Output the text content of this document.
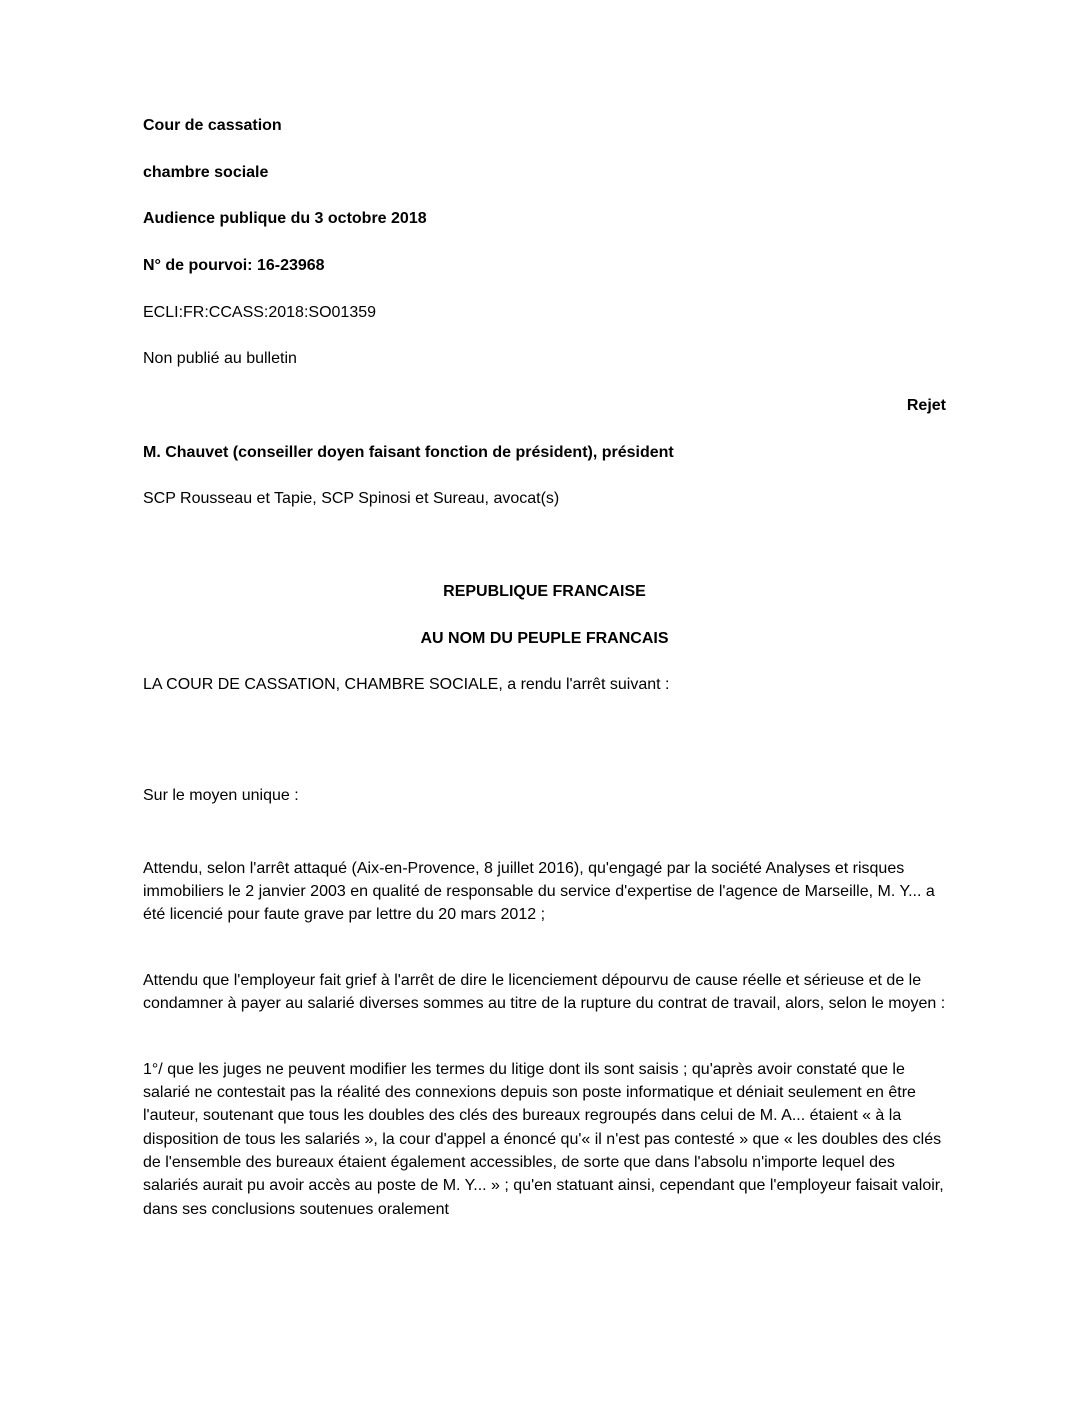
Cour de cassation

chambre sociale

Audience publique du 3 octobre 2018

N° de pourvoi: 16-23968

ECLI:FR:CCASS:2018:SO01359

Non publié au bulletin

Rejet

M. Chauvet (conseiller doyen faisant fonction de président), président

SCP Rousseau et Tapie, SCP Spinosi et Sureau, avocat(s)

REPUBLIQUE FRANCAISE

AU NOM DU PEUPLE FRANCAIS

LA COUR DE CASSATION, CHAMBRE SOCIALE, a rendu l'arrêt suivant :

Sur le moyen unique :

Attendu, selon l'arrêt attaqué (Aix-en-Provence, 8 juillet 2016), qu'engagé par la société Analyses et risques immobiliers le 2 janvier 2003 en qualité de responsable du service d'expertise de l'agence de Marseille, M. Y... a été licencié pour faute grave par lettre du 20 mars 2012 ;

Attendu que l'employeur fait grief à l'arrêt de dire le licenciement dépourvu de cause réelle et sérieuse et de le condamner à payer au salarié diverses sommes au titre de la rupture du contrat de travail, alors, selon le moyen :

1°/ que les juges ne peuvent modifier les termes du litige dont ils sont saisis ; qu'après avoir constaté que le salarié ne contestait pas la réalité des connexions depuis son poste informatique et déniait seulement en être l'auteur, soutenant que tous les doubles des clés des bureaux regroupés dans celui de M. A... étaient « à la disposition de tous les salariés », la cour d'appel a énoncé qu'« il n'est pas contesté » que « les doubles des clés de l'ensemble des bureaux étaient également accessibles, de sorte que dans l'absolu n'importe lequel des salariés aurait pu avoir accès au poste de M. Y... » ; qu'en statuant ainsi, cependant que l'employeur faisait valoir, dans ses conclusions soutenues oralement
